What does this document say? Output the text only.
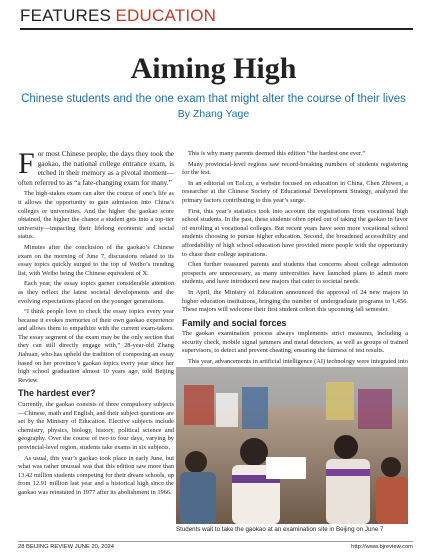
FEATURES EDUCATION
Aiming High
Chinese students and the one exam that might alter the course of their lives
By Zhang Yage

For most Chinese people, the days they took the gaokao, the national college entrance exam, is etched in their memory as a pivotal moment—often referred to as “a fate-changing exam for many.”

The high-stakes exam can alter the course of one’s life as it allows the opportunity to gain admission into China’s colleges or universities. And the higher the gaokao score obtained, the higher the chance a student gets into a top-tier university—impacting their lifelong economic and social status.

Minutes after the conclusion of the gaokao’s Chinese exam on the morning of June 7, discussions related to its essay topics quickly surged to the top of Weibo’s trending list, with Weibo being the Chinese equivalent of X.

Each year, the essay topics garner considerable attention as they reflect the latest societal developments and the evolving expectations placed on the younger generations.

“I think people love to check the essay topics every year because it evokes memories of their own gaokao experience and allows them to empathize with the current exam-takers. The essay segment of the exam may be the only section that they can still directly engage with,” 28-year-old Zhang Jiahuan, who has upheld the tradition of composing an essay based on her province’s gaokao topics every year since her high school graduation almost 10 years ago, told Beijing Review.

The hardest ever?

Currently, the gaokao consists of three compulsory subjects—Chinese, math and English, and their subject questions are set by the Ministry of Education. Elective subjects include chemistry, physics, biology, history, political science and geography. Over the course of two to four days, varying by provincial-level region, students take exams in six subjects.

As usual, this year’s gaokao took place in early June, but what was rather unusual was that this edition saw more than 13.42 million students competing for their dream schools, up from 12.91 million last year and a historical high since the gaokao was reinstated in 1977 after its abolishment in 1966.

This is why many parents deemed this edition “the hardest one ever.”

Many provincial-level regions saw record-breaking numbers of students registering for the test.

In an editorial on Eol.cn, a website focused on education in China, Chen Zhiwen, a researcher at the Chinese Society of Educational Development Strategy, analyzed the primary factors contributing to this year’s surge.

First, this year’s statistics took into account the registrations from vocational high school students. In the past, these students often opted out of taking the gaokao in favor of enrolling at vocational colleges. But recent years have seen more vocational school students choosing to pursue higher education. Second, the broadened accessibility and affordability of high school education have provided more people with the opportunity to chase their college aspirations.

Chen further reassured parents and students that concerns about college admission prospects are unnecessary, as many universities have launched plans to admit more students, and have introduced new majors that cater to societal needs.

In April, the Ministry of Education announced the approval of 24 new majors in higher education institutions, bringing the number of undergraduate programs to 1,456. These majors will welcome their first student cohort this upcoming fall semester.

Family and social forces

The gaokao examination process always implements strict measures, including a security check, mobile signal jammers and metal detectors, as well as groups of trained supervisors, to detect and prevent cheating, ensuring the fairness of test results.

This year, advancements in artificial intelligence (AI) technology were integrated into

Students wait to take the gaokao at an examination site in Beijing on June 7
28 BEIJING REVIEW JUNE 20, 2024	http://www.bjreview.com
